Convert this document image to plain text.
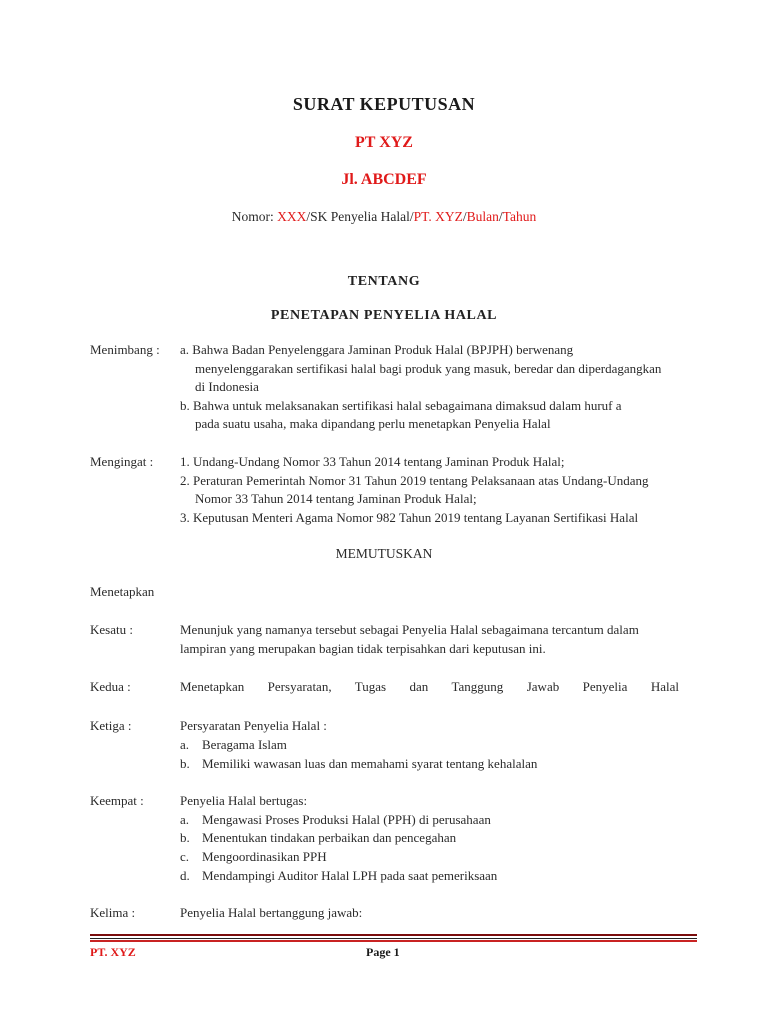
SURAT KEPUTUSAN
PT XYZ
Jl. ABCDEF
Nomor: XXX/SK Penyelia Halal/PT. XYZ/Bulan/Tahun
TENTANG
PENETAPAN PENYELIA HALAL
Menimbang : a. Bahwa Badan Penyelenggara Jaminan Produk Halal (BPJPH) berwenang
menyelenggarakan sertifikasi halal bagi produk yang masuk, beredar dan diperdagangkan
di Indonesia
b. Bahwa untuk melaksanakan sertifikasi halal sebagaimana dimaksud dalam huruf a
pada suatu usaha, maka dipandang perlu menetapkan Penyelia Halal
Mengingat : 1. Undang-Undang Nomor 33 Tahun 2014 tentang Jaminan Produk Halal;
2. Peraturan Pemerintah Nomor 31 Tahun 2019 tentang Pelaksanaan atas Undang-Undang
Nomor 33 Tahun 2014 tentang Jaminan Produk Halal;
3. Keputusan Menteri Agama Nomor 982 Tahun 2019 tentang Layanan Sertifikasi Halal
MEMUTUSKAN
Menetapkan
Kesatu :	Menunjuk yang namanya tersebut sebagai Penyelia Halal sebagaimana tercantum dalam
lampiran yang merupakan bagian tidak terpisahkan dari keputusan ini.
Kedua :	Menetapkan Persyaratan, Tugas dan Tanggung Jawab Penyelia Halal
Ketiga :	Persyaratan Penyelia Halal :
a. Beragama Islam
b. Memiliki wawasan luas dan memahami syarat tentang kehalalan
Keempat :	Penyelia Halal bertugas:
a. Mengawasi Proses Produksi Halal (PPH) di perusahaan
b. Menentukan tindakan perbaikan dan pencegahan
c. Mengoordinasikan PPH
d. Mendampingi Auditor Halal LPH pada saat pemeriksaan
Kelima :	Penyelia Halal bertanggung jawab:
PT. XYZ	Page 1
